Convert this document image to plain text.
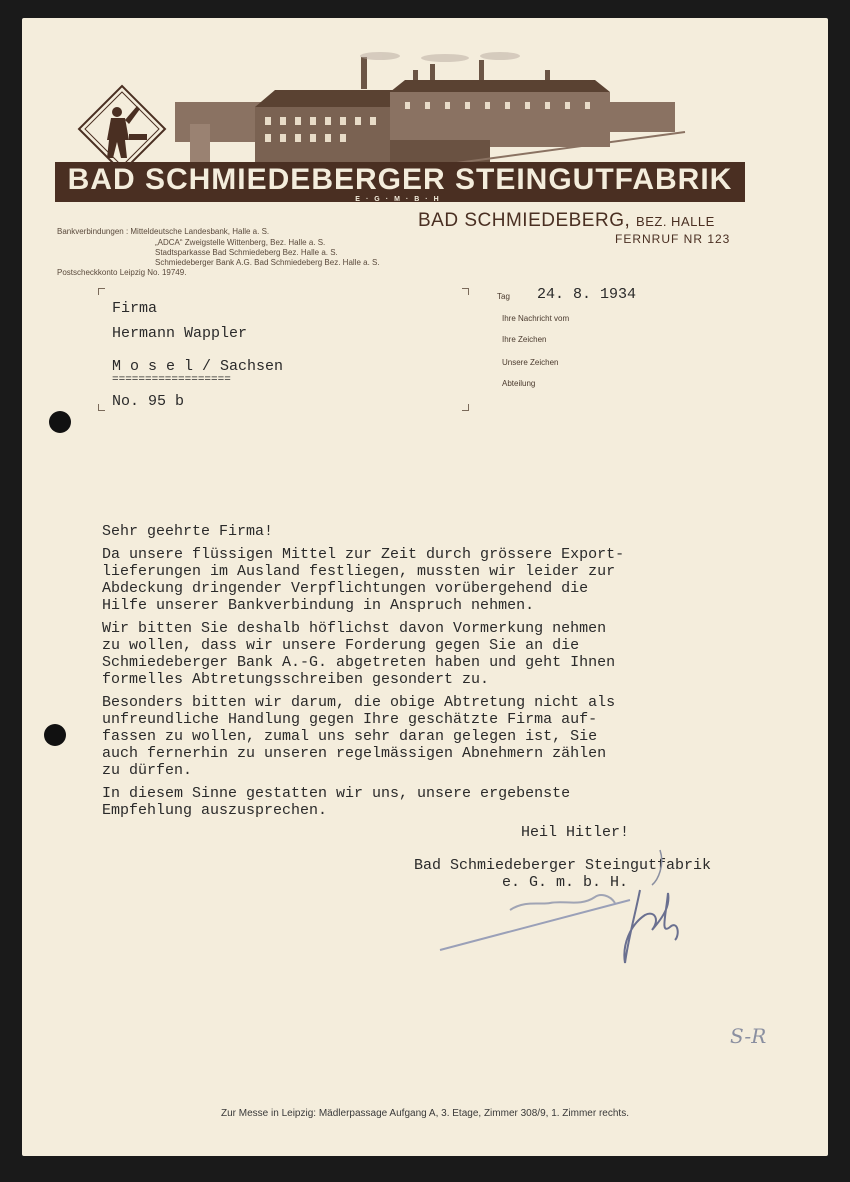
BAD SCHMIEDEBERGER STEINGUTFABRIK
E·G·M·B·H
Bankverbindungen : Mitteldeutsche Landesbank, Halle a. S.
„ADCA“ Zweigstelle Wittenberg, Bez. Halle a. S.
Stadtsparkasse Bad Schmiedeberg Bez. Halle a. S.
Schmiedeberger Bank A.G. Bad Schmiedeberg Bez. Halle a. S.
Postscheckkonto Leipzig No. 19749.
BAD SCHMIEDEBERG, BEZ. HALLE
FERNRUF NR 123
Firma
Hermann Wappler
M o s e l / Sachsen
==================
No. 95 b
Tag 24. 8. 1934
Ihre Nachricht vom
Ihre Zeichen
Unsere Zeichen
Abteilung

Sehr geehrte Firma!

Da unsere flüssigen Mittel zur Zeit durch grössere Export-
lieferungen im Ausland festliegen, mussten wir leider zur
Abdeckung dringender Verpflichtungen vorübergehend die
Hilfe unserer Bankverbindung in Anspruch nehmen.

Wir bitten Sie deshalb höflichst davon Vormerkung nehmen
zu wollen, dass wir unsere Forderung gegen Sie an die
Schmiedeberger Bank A.-G. abgetreten haben und geht Ihnen
formelles Abtretungsschreiben gesondert zu.

Besonders bitten wir darum, die obige Abtretung nicht als
unfreundliche Handlung gegen Ihre geschätzte Firma auf-
fassen zu wollen, zumal uns sehr daran gelegen ist, Sie
auch fernerhin zu unseren regelmässigen Abnehmern zählen
zu dürfen.

In diesem Sinne gestatten wir uns, unsere ergebenste
Empfehlung auszusprechen.

Heil Hitler!
Bad Schmiedeberger Steingutfabrik
e. G. m. b. H.
S-R
Zur Messe in Leipzig: Mädlerpassage Aufgang A, 3. Etage, Zimmer 308/9, 1. Zimmer rechts.
